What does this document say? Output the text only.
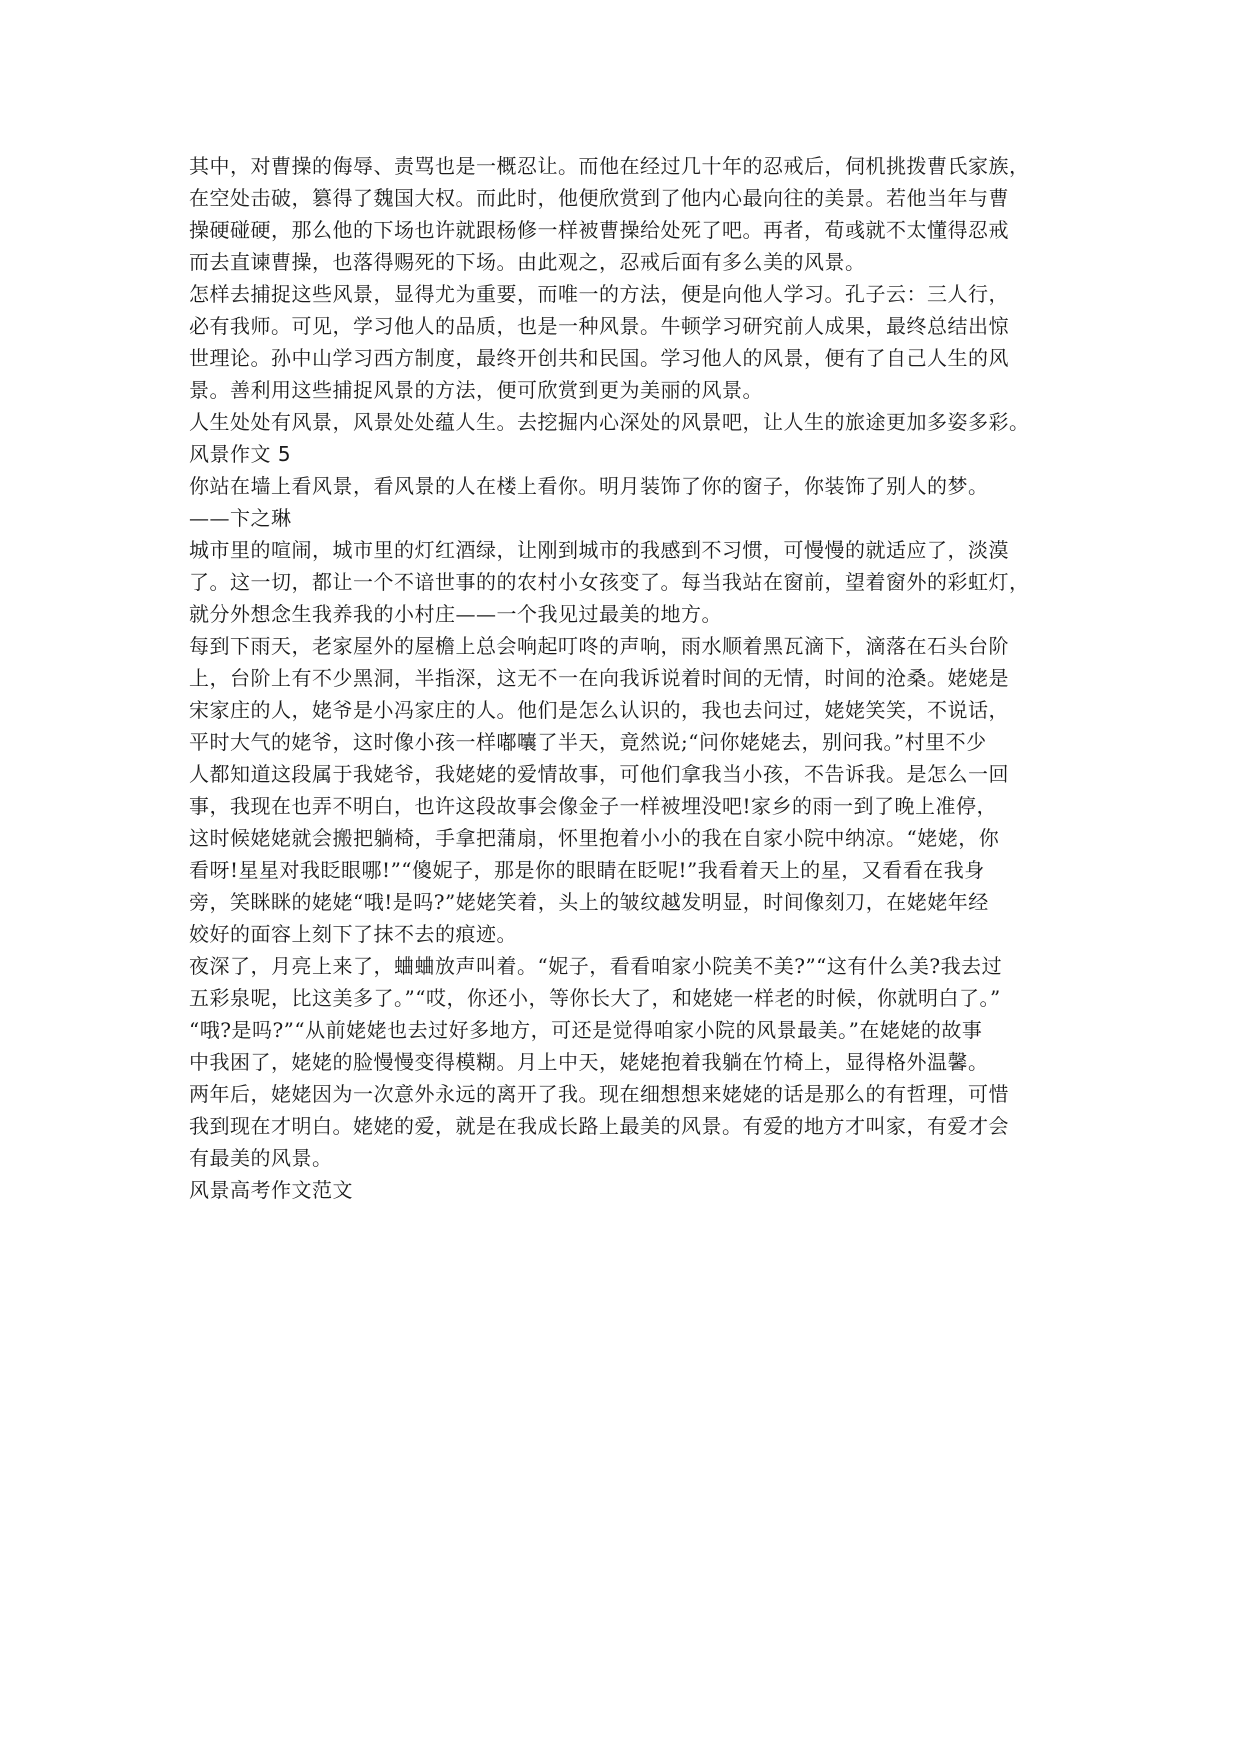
其中，对曹操的侮辱、责骂也是一概忍让。而他在经过几十年的忍戒后，伺机挑拨曹氏家族，
在空处击破，篡得了魏国大权。而此时，他便欣赏到了他内心最向往的美景。若他当年与曹
操硬碰硬，那么他的下场也许就跟杨修一样被曹操给处死了吧。再者，荀彧就不太懂得忍戒
而去直谏曹操，也落得赐死的下场。由此观之，忍戒后面有多么美的风景。
怎样去捕捉这些风景，显得尤为重要，而唯一的方法，便是向他人学习。孔子云：三人行，
必有我师。可见，学习他人的品质，也是一种风景。牛顿学习研究前人成果，最终总结出惊
世理论。孙中山学习西方制度，最终开创共和民国。学习他人的风景，便有了自己人生的风
景。善利用这些捕捉风景的方法，便可欣赏到更为美丽的风景。
人生处处有风景，风景处处蕴人生。去挖掘内心深处的风景吧，让人生的旅途更加多姿多彩。
风景作文 5
你站在墙上看风景，看风景的人在楼上看你。明月装饰了你的窗子，你装饰了别人的梦。
——卞之琳
城市里的喧闹，城市里的灯红酒绿，让刚到城市的我感到不习惯，可慢慢的就适应了，淡漠
了。这一切，都让一个不谙世事的的农村小女孩变了。每当我站在窗前，望着窗外的彩虹灯，
就分外想念生我养我的小村庄——一个我见过最美的地方。
每到下雨天，老家屋外的屋檐上总会响起叮咚的声响，雨水顺着黑瓦滴下，滴落在石头台阶
上，台阶上有不少黑洞，半指深，这无不一在向我诉说着时间的无情，时间的沧桑。姥姥是
宋家庄的人，姥爷是小冯家庄的人。他们是怎么认识的，我也去问过，姥姥笑笑，不说话，
平时大气的姥爷，这时像小孩一样嘟囔了半天，竟然说;“问你姥姥去，别问我。”村里不少
人都知道这段属于我姥爷，我姥姥的爱情故事，可他们拿我当小孩，不告诉我。是怎么一回
事，我现在也弄不明白，也许这段故事会像金子一样被埋没吧!家乡的雨一到了晚上准停，
这时候姥姥就会搬把躺椅，手拿把蒲扇，怀里抱着小小的我在自家小院中纳凉。“姥姥，你
看呀!星星对我眨眼哪!”“傻妮子，那是你的眼睛在眨呢!”我看着天上的星，又看看在我身
旁，笑眯眯的姥姥“哦!是吗?”姥姥笑着，头上的皱纹越发明显，时间像刻刀，在姥姥年经
姣好的面容上刻下了抹不去的痕迹。
夜深了，月亮上来了，蛐蛐放声叫着。“妮子，看看咱家小院美不美?”“这有什么美?我去过
五彩泉呢，比这美多了。”“哎，你还小，等你长大了，和姥姥一样老的时候，你就明白了。”
“哦?是吗?”“从前姥姥也去过好多地方，可还是觉得咱家小院的风景最美。”在姥姥的故事
中我困了，姥姥的脸慢慢变得模糊。月上中天，姥姥抱着我躺在竹椅上，显得格外温馨。
两年后，姥姥因为一次意外永远的离开了我。现在细想想来姥姥的话是那么的有哲理，可惜
我到现在才明白。姥姥的爱，就是在我成长路上最美的风景。有爱的地方才叫家，有爱才会
有最美的风景。
风景高考作文范文
